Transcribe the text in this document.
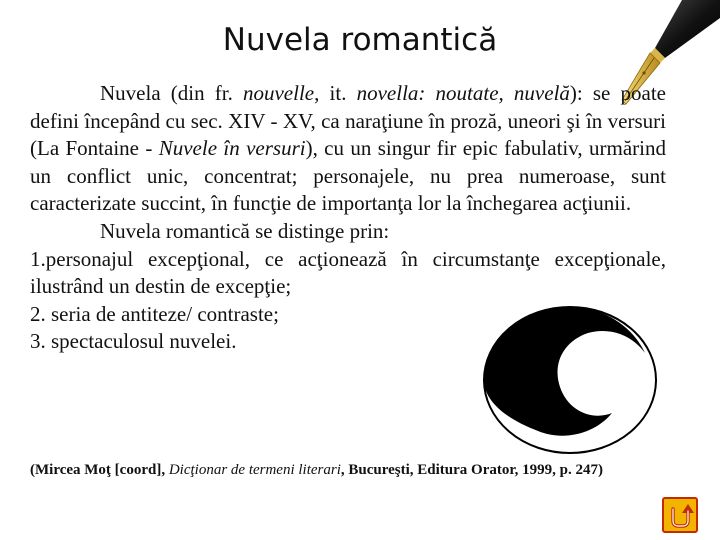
Nuvela romantică

Nuvela (din fr. nouvelle, it. novella: noutate, nuvelă): se poate defini începând cu sec. XIV - XV, ca naraţiune în proză, uneori şi în versuri (La Fontaine - Nuvele în versuri), cu un singur fir epic fabulativ, urmărind un conflict unic, concentrat; personajele, nu prea numeroase, sunt caracterizate succint, în funcţie de importanţa lor la închegarea acţiunii.

Nuvela romantică se distinge prin:

1.personajul excepţional, ce acţionează în circumstanţe excepţionale, ilustrând un destin de excepţie;

2. seria de antiteze/ contraste;

3. spectaculosul nuvelei.

(Mircea Moţ [coord], Dicţionar de termeni literari, Bucureşti, Editura Orator, 1999, p. 247)
